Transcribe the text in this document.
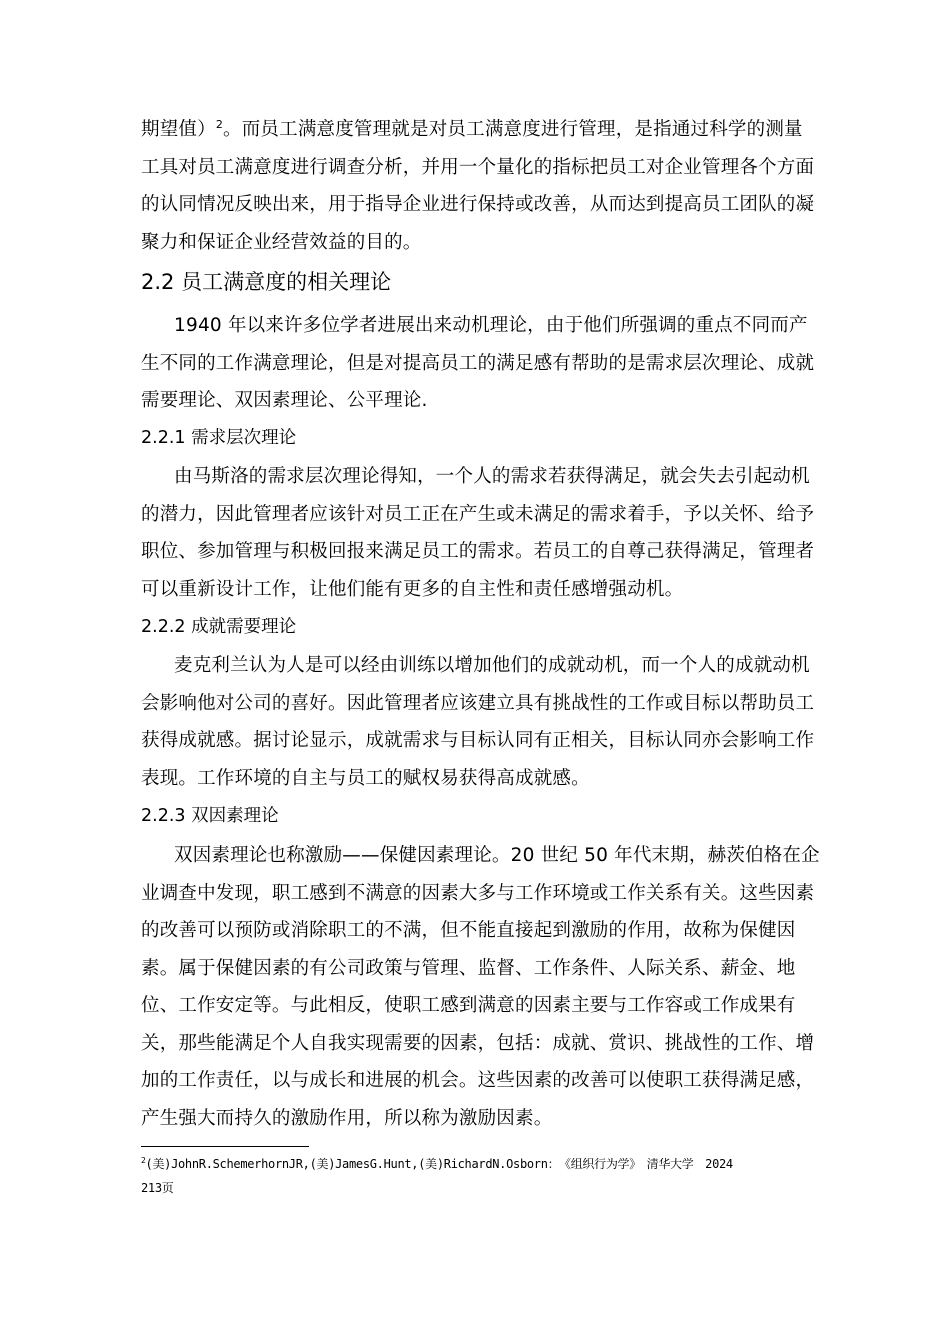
期望值）$^2$。而员工满意度管理就是对员工满意度进行管理，是指通过科学的测量工具对员工满意度进行调查分析，并用一个量化的指标把员工对企业管理各个方面的认同情况反映出来，用于指导企业进行保持或改善，从而达到提高员工团队的凝聚力和保证企业经营效益的目的。

2.2 员工满意度的相关理论

1940 年以来许多位学者进展出来动机理论，由于他们所强调的重点不同而产生不同的工作满意理论，但是对提高员工的满足感有帮助的是需求层次理论、成就需要理论、双因素理论、公平理论.

2.2.1 需求层次理论

由马斯洛的需求层次理论得知，一个人的需求若获得满足，就会失去引起动机的潜力，因此管理者应该针对员工正在产生或未满足的需求着手，予以关怀、给予职位、参加管理与积极回报来满足员工的需求。若员工的自尊己获得满足，管理者可以重新设计工作，让他们能有更多的自主性和责任感增强动机。

2.2.2 成就需要理论

麦克利兰认为人是可以经由训练以增加他们的成就动机，而一个人的成就动机会影响他对公司的喜好。因此管理者应该建立具有挑战性的工作或目标以帮助员工获得成就感。据讨论显示，成就需求与目标认同有正相关，目标认同亦会影响工作表现。工作环境的自主与员工的赋权易获得高成就感。

2.2.3 双因素理论

双因素理论也称激励——保健因素理论。20 世纪 50 年代末期，赫茨伯格在企业调查中发现，职工感到不满意的因素大多与工作环境或工作关系有关。这些因素的改善可以预防或消除职工的不满，但不能直接起到激励的作用，故称为保健因素。属于保健因素的有公司政策与管理、监督、工作条件、人际关系、薪金、地位、工作安定等。与此相反，使职工感到满意的因素主要与工作容或工作成果有关，那些能满足个人自我实现需要的因素，包括：成就、赏识、挑战性的工作、增加的工作责任，以与成长和进展的机会。这些因素的改善可以使职工获得满足感，产生强大而持久的激励作用，所以称为激励因素。

$^2$(美)JohnR.SchemerhornJR,(美)JamesG.Hunt,(美)RichardN.Osborn：　《组织行为学》　清华大学　2024
213页
